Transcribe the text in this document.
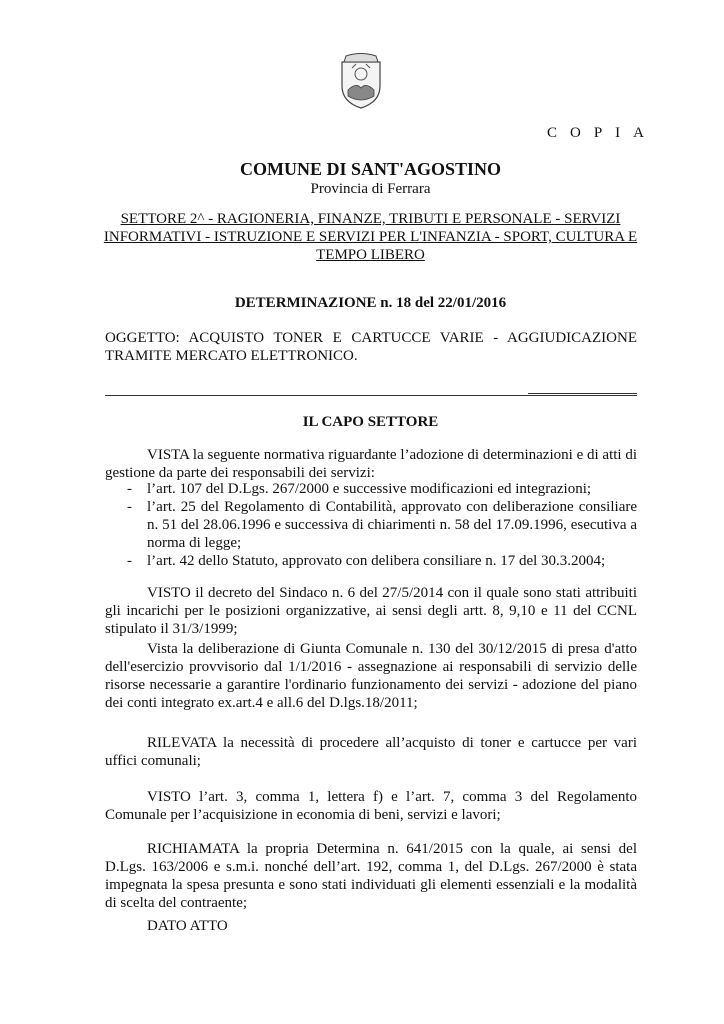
COPIA
COMUNE DI SANT'AGOSTINO
Provincia di Ferrara
SETTORE 2^ - RAGIONERIA, FINANZE, TRIBUTI E PERSONALE - SERVIZI INFORMATIVI - ISTRUZIONE E SERVIZI PER L'INFANZIA - SPORT, CULTURA E TEMPO LIBERO
DETERMINAZIONE n. 18 del 22/01/2016
OGGETTO: ACQUISTO TONER E CARTUCCE VARIE - AGGIUDICAZIONE TRAMITE MERCATO ELETTRONICO.
IL CAPO SETTORE
VISTA la seguente normativa riguardante l’adozione di determinazioni e di atti di gestione da parte dei responsabili dei servizi:
- l’art. 107 del D.Lgs. 267/2000 e successive modificazioni ed integrazioni;
- l’art. 25 del Regolamento di Contabilità, approvato con deliberazione consiliare n. 51 del 28.06.1996 e successiva di chiarimenti n. 58 del 17.09.1996, esecutiva a norma di legge;
- l’art. 42 dello Statuto, approvato con delibera consiliare n. 17 del 30.3.2004;
VISTO il decreto del Sindaco n. 6 del 27/5/2014 con il quale sono stati attribuiti gli incarichi per le posizioni organizzative, ai sensi degli artt. 8, 9,10 e 11 del CCNL stipulato il 31/3/1999;
Vista la deliberazione di Giunta Comunale n. 130 del 30/12/2015 di presa d'atto dell'esercizio provvisorio dal 1/1/2016 - assegnazione ai responsabili di servizio delle risorse necessarie a garantire l'ordinario funzionamento dei servizi - adozione del piano dei conti integrato ex.art.4 e all.6 del D.lgs.18/2011;
RILEVATA la necessità di procedere all’acquisto di toner e cartucce per vari uffici comunali;
VISTO l’art. 3, comma 1, lettera f) e l’art. 7, comma 3 del Regolamento Comunale per l’acquisizione in economia di beni, servizi e lavori;
RICHIAMATA la propria Determina n. 641/2015 con la quale, ai sensi del D.Lgs. 163/2006 e s.m.i. nonché dell’art. 192, comma 1, del D.Lgs. 267/2000 è stata impegnata la spesa presunta e sono stati individuati gli elementi essenziali e la modalità di scelta del contraente;
DATO ATTO
